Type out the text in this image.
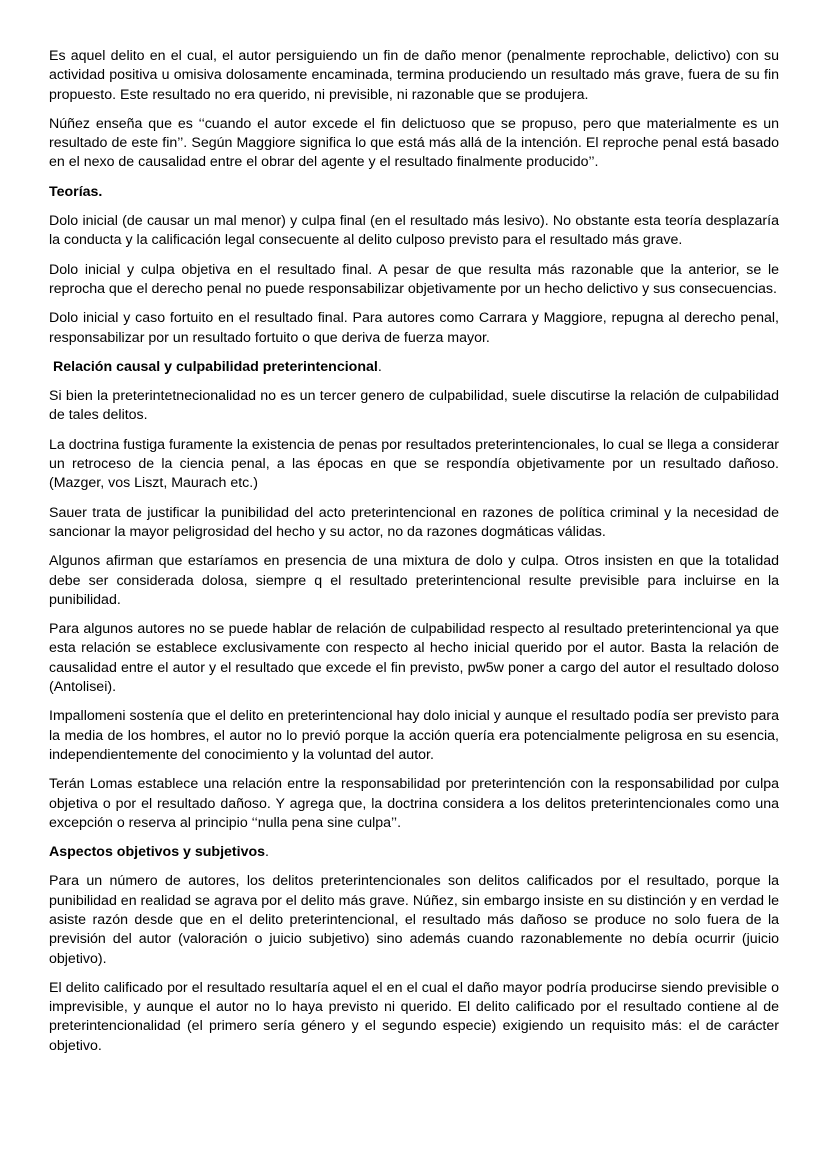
Es aquel delito en el cual, el autor persiguiendo un fin de daño menor (penalmente reprochable, delictivo) con su actividad positiva u omisiva dolosamente encaminada, termina produciendo un resultado más grave, fuera de su fin propuesto. Este resultado no era querido, ni previsible, ni razonable que se produjera.

Núñez enseña que es ‘‘cuando el autor excede el fin delictuoso que se propuso, pero que materialmente es un resultado de este fin’’. Según Maggiore significa lo que está más allá de la intención. El reproche penal está basado en el nexo de causalidad entre el obrar del agente y el resultado finalmente producido’’.

Teorías.

Dolo inicial (de causar un mal menor) y culpa final (en el resultado más lesivo). No obstante esta teoría desplazaría la conducta y la calificación legal consecuente al delito culposo previsto para el resultado más grave.

Dolo inicial y culpa objetiva en el resultado final. A pesar de que resulta más razonable que la anterior, se le reprocha que el derecho penal no puede responsabilizar objetivamente por un hecho delictivo y sus consecuencias.

Dolo inicial y caso fortuito en el resultado final. Para autores como Carrara y Maggiore, repugna al derecho penal, responsabilizar por un resultado fortuito o que deriva de fuerza mayor.

Relación causal y culpabilidad preterintencional.

Si bien la preterintetnecionalidad no es un tercer genero de culpabilidad, suele discutirse la relación de culpabilidad de tales delitos.

La doctrina fustiga furamente la existencia de penas por resultados preterintencionales, lo cual se llega a considerar un retroceso de la ciencia penal, a las épocas en que se respondía objetivamente por un resultado dañoso. (Mazger, vos Liszt, Maurach etc.)

Sauer trata de justificar la punibilidad del acto preterintencional en razones de política criminal y la necesidad de sancionar la mayor peligrosidad del hecho y su actor, no da razones dogmáticas válidas.

Algunos afirman que estaríamos en presencia de una mixtura de dolo y culpa. Otros insisten en que la totalidad debe ser considerada dolosa, siempre q el resultado preterintencional resulte previsible para incluirse en la punibilidad.

Para algunos autores no se puede hablar de relación de culpabilidad respecto al resultado preterintencional ya que esta relación se establece exclusivamente con respecto al hecho inicial querido por el autor. Basta la relación de causalidad entre el autor y el resultado que excede el fin previsto, pw5w poner a cargo del autor el resultado doloso (Antolisei).

Impallomeni sostenía que el delito en preterintencional hay dolo inicial y aunque el resultado podía ser previsto para la media de los hombres, el autor no lo previó porque la acción quería era potencialmente peligrosa en su esencia, independientemente del conocimiento y la voluntad del autor.

Terán Lomas establece una relación entre la responsabilidad por preterintención con la responsabilidad por culpa objetiva o por el resultado dañoso. Y agrega que, la doctrina considera a los delitos preterintencionales como una excepción o reserva al principio ‘‘nulla pena sine culpa’’.

Aspectos objetivos y subjetivos.

Para un número de autores, los delitos preterintencionales son delitos calificados por el resultado, porque la punibilidad en realidad se agrava por el delito más grave. Núñez, sin embargo insiste en su distinción y en verdad le asiste razón desde que en el delito preterintencional, el resultado más dañoso se produce no solo fuera de la previsión del autor (valoración o juicio subjetivo) sino además cuando razonablemente no debía ocurrir (juicio objetivo).

El delito calificado por el resultado resultaría aquel el en el cual el daño mayor podría producirse siendo previsible o imprevisible, y aunque el autor no lo haya previsto ni querido. El delito calificado por el resultado contiene al de preterintencionalidad (el primero sería género y el segundo especie) exigiendo un requisito más: el de carácter objetivo.
